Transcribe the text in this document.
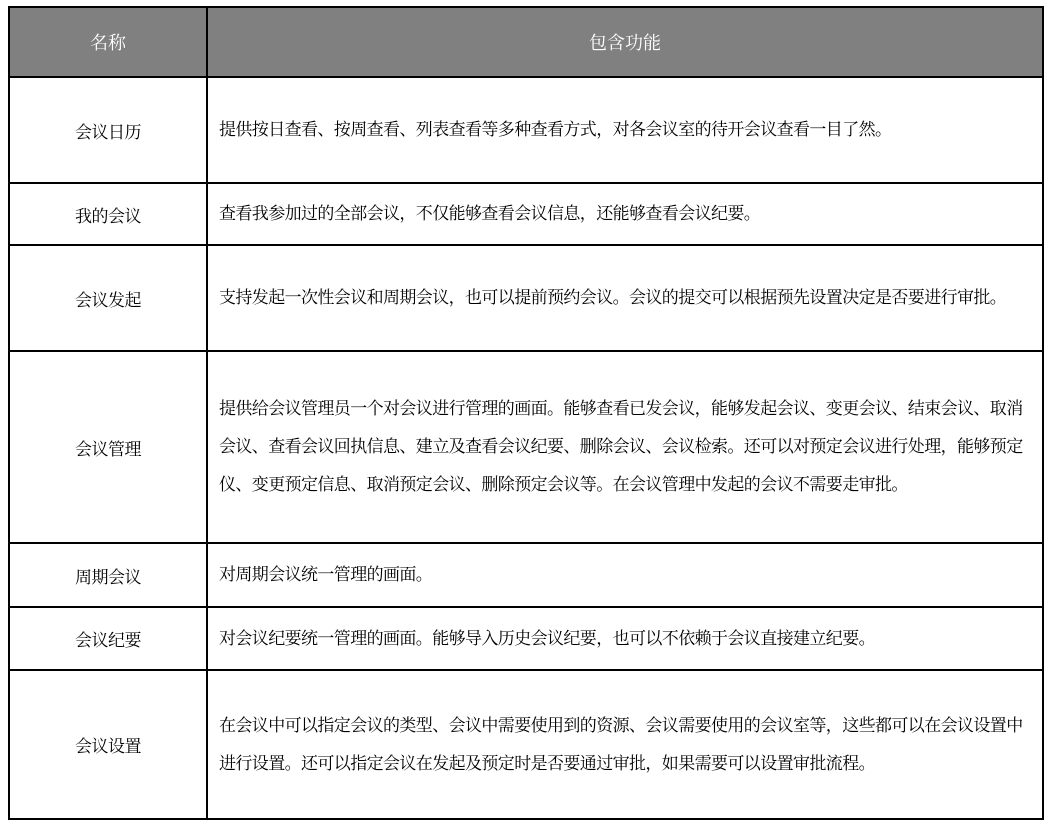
名称	包含功能
会议日历	提供按日查看、按周查看、列表查看等多种查看方式，对各会议室的待开会议查看一目了然。
我的会议	查看我参加过的全部会议，不仅能够查看会议信息，还能够查看会议纪要。
会议发起	支持发起一次性会议和周期会议，也可以提前预约会议。会议的提交可以根据预先设置决定是否要进行审批。
会议管理	提供给会议管理员一个对会议进行管理的画面。能够查看已发会议，能够发起会议、变更会议、结束会议、取消会议、查看会议回执信息、建立及查看会议纪要、删除会议、会议检索。还可以对预定会议进行处理，能够预定仪、变更预定信息、取消预定会议、删除预定会议等。在会议管理中发起的会议不需要走审批。
周期会议	对周期会议统一管理的画面。
会议纪要	对会议纪要统一管理的画面。能够导入历史会议纪要，也可以不依赖于会议直接建立纪要。
会议设置	在会议中可以指定会议的类型、会议中需要使用到的资源、会议需要使用的会议室等，这些都可以在会议设置中进行设置。还可以指定会议在发起及预定时是否要通过审批，如果需要可以设置审批流程。
